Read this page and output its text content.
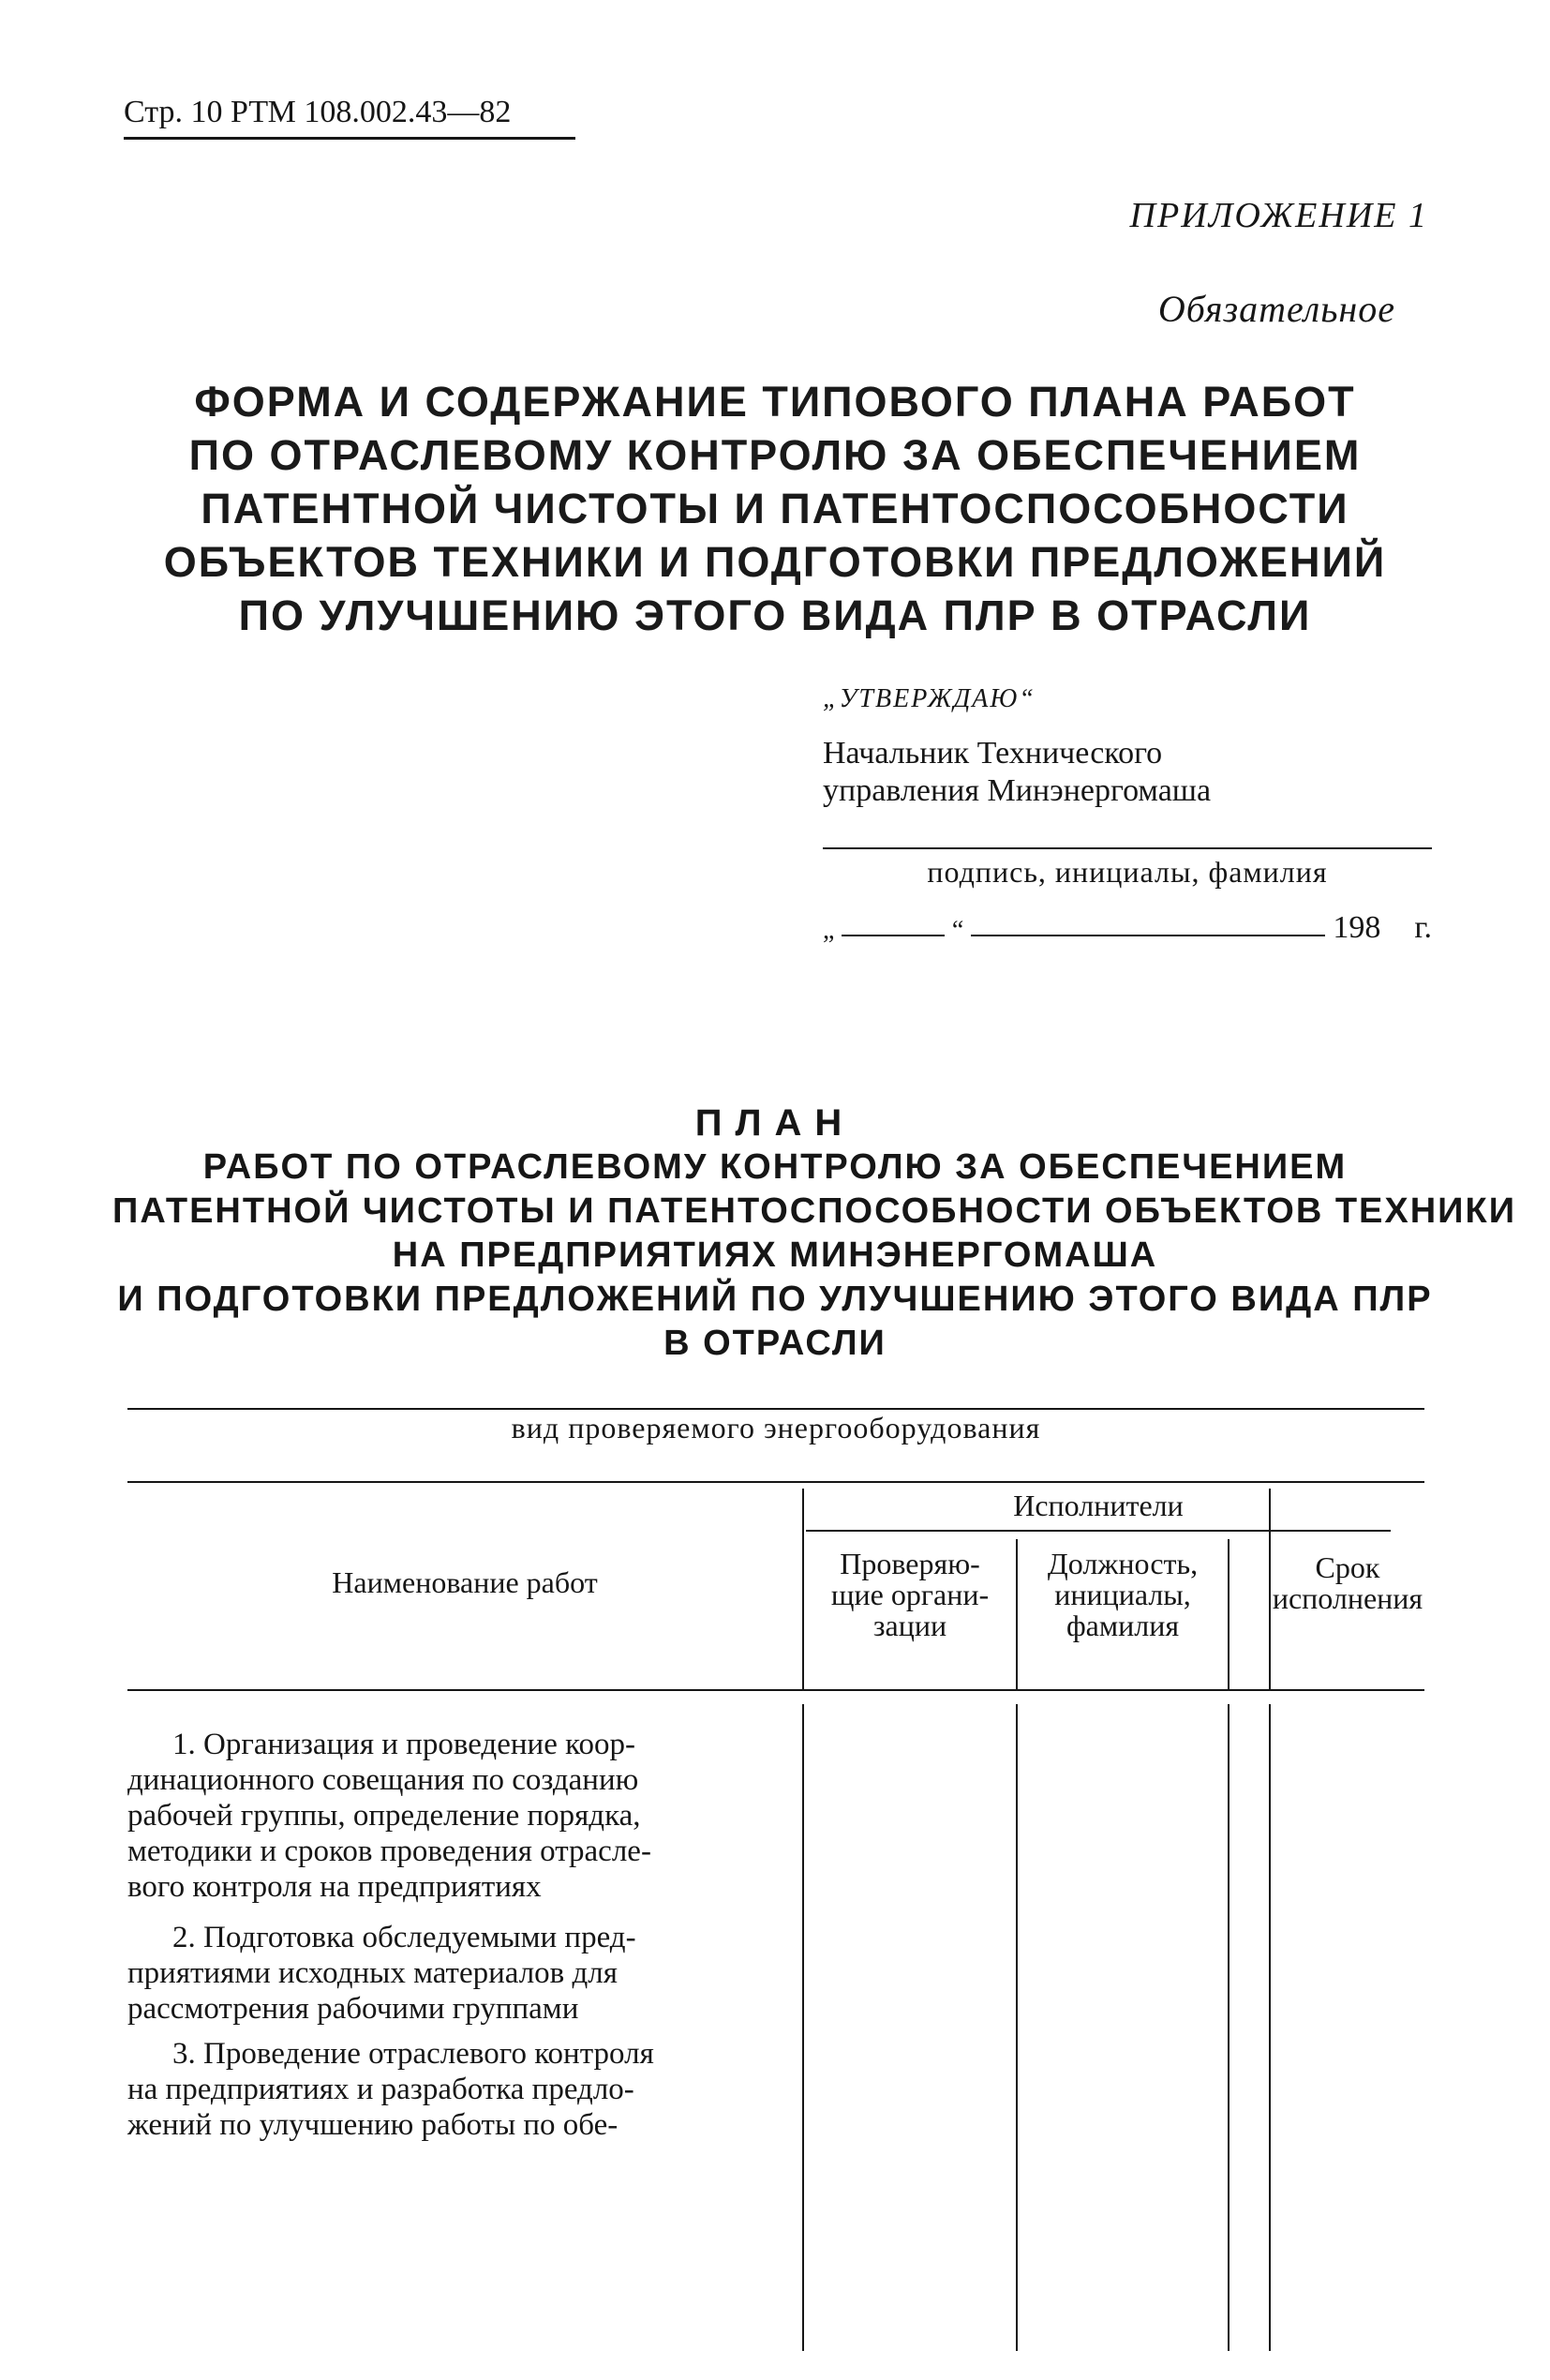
Стр. 10 РТМ 108.002.43—82
ПРИЛОЖЕНИЕ 1
Обязательное
ФОРМА И СОДЕРЖАНИЕ ТИПОВОГО ПЛАНА РАБОТ
ПО ОТРАСЛЕВОМУ КОНТРОЛЮ ЗА ОБЕСПЕЧЕНИЕМ
ПАТЕНТНОЙ ЧИСТОТЫ И ПАТЕНТОСПОСОБНОСТИ
ОБЪЕКТОВ ТЕХНИКИ И ПОДГОТОВКИ ПРЕДЛОЖЕНИЙ
ПО УЛУЧШЕНИЮ ЭТОГО ВИДА ПЛР В ОТРАСЛИ
„УТВЕРЖДАЮ“
Начальник Технического
управления Минэнергомаша
подпись, инициалы, фамилия
„	“	198 г.
ПЛАН
РАБОТ ПО ОТРАСЛЕВОМУ КОНТРОЛЮ ЗА ОБЕСПЕЧЕНИЕМ
ПАТЕНТНОЙ ЧИСТОТЫ И ПАТЕНТОСПОСОБНОСТИ ОБЪЕКТОВ ТЕХНИКИ
НА ПРЕДПРИЯТИЯХ МИНЭНЕРГОМАША
И ПОДГОТОВКИ ПРЕДЛОЖЕНИЙ ПО УЛУЧШЕНИЮ ЭТОГО ВИДА ПЛР
В ОТРАСЛИ
вид проверяемого энергооборудования
Наименование работ
Исполнители
Проверяю-
щие органи-
зации
Должность,
инициалы,
фамилия
Срок
исполнения
1. Организация и проведение коор-
динационного совещания по созданию
рабочей группы, определение порядка,
методики и сроков проведения отрасле-
вого контроля на предприятиях
2. Подготовка обследуемыми пред-
приятиями исходных материалов для
рассмотрения рабочими группами
3. Проведение отраслевого контроля
на предприятиях и разработка предло-
жений по улучшению работы по обе-
